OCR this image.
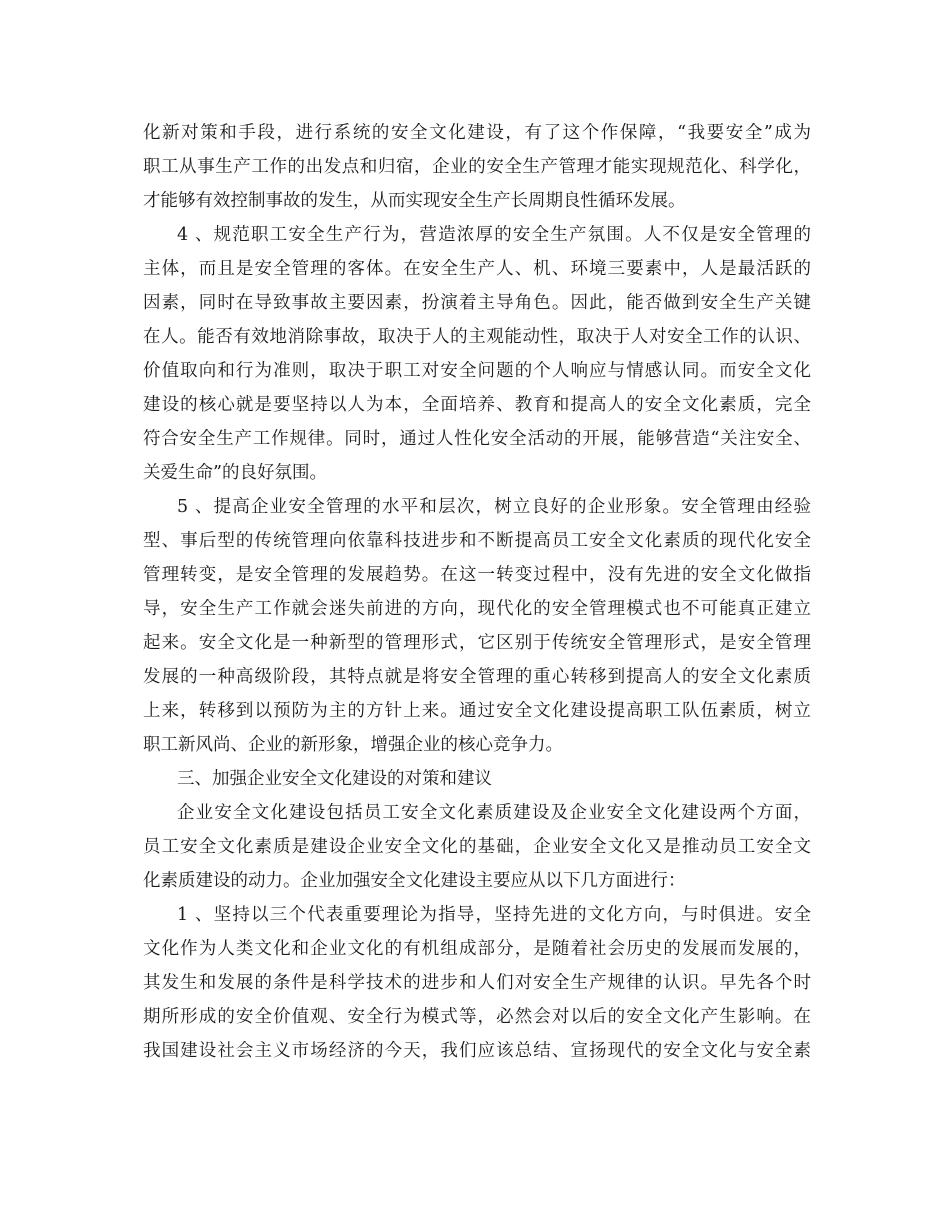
化新对策和手段，进行系统的安全文化建设，有了这个作保障，“我要安全”成为
职工从事生产工作的出发点和归宿，企业的安全生产管理才能实现规范化、科学化，
才能够有效控制事故的发生，从而实现安全生产长周期良性循环发展。
4 、规范职工安全生产行为，营造浓厚的安全生产氛围。人不仅是安全管理的
主体，而且是安全管理的客体。在安全生产人、机、环境三要素中，人是最活跃的
因素，同时在导致事故主要因素，扮演着主导角色。因此，能否做到安全生产关键
在人。能否有效地消除事故，取决于人的主观能动性，取决于人对安全工作的认识、
价值取向和行为准则，取决于职工对安全问题的个人响应与情感认同。而安全文化
建设的核心就是要坚持以人为本，全面培养、教育和提高人的安全文化素质，完全
符合安全生产工作规律。同时，通过人性化安全活动的开展，能够营造“关注安全、
关爱生命”的良好氛围。
5 、提高企业安全管理的水平和层次，树立良好的企业形象。安全管理由经验
型、事后型的传统管理向依靠科技进步和不断提高员工安全文化素质的现代化安全
管理转变，是安全管理的发展趋势。在这一转变过程中，没有先进的安全文化做指
导，安全生产工作就会迷失前进的方向，现代化的安全管理模式也不可能真正建立
起来。安全文化是一种新型的管理形式，它区别于传统安全管理形式，是安全管理
发展的一种高级阶段，其特点就是将安全管理的重心转移到提高人的安全文化素质
上来，转移到以预防为主的方针上来。通过安全文化建设提高职工队伍素质，树立
职工新风尚、企业的新形象，增强企业的核心竞争力。
三、加强企业安全文化建设的对策和建议
企业安全文化建设包括员工安全文化素质建设及企业安全文化建设两个方面，
员工安全文化素质是建设企业安全文化的基础，企业安全文化又是推动员工安全文
化素质建设的动力。企业加强安全文化建设主要应从以下几方面进行：
1 、坚持以三个代表重要理论为指导，坚持先进的文化方向，与时俱进。安全
文化作为人类文化和企业文化的有机组成部分，是随着社会历史的发展而发展的，
其发生和发展的条件是科学技术的进步和人们对安全生产规律的认识。早先各个时
期所形成的安全价值观、安全行为模式等，必然会对以后的安全文化产生影响。在
我国建设社会主义市场经济的今天，我们应该总结、宣扬现代的安全文化与安全素
